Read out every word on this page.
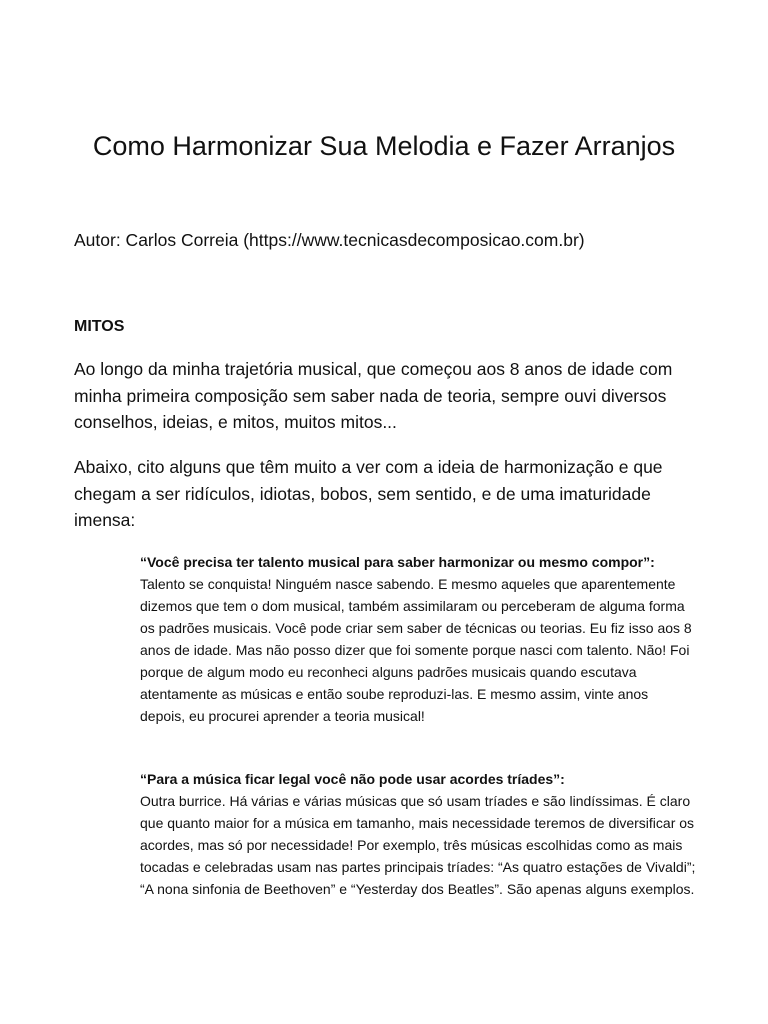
Como Harmonizar Sua Melodia e Fazer Arranjos

Autor: Carlos Correia (https://www.tecnicasdecomposicao.com.br)

MITOS

Ao longo da minha trajetória musical, que começou aos 8 anos de idade com minha primeira composição sem saber nada de teoria, sempre ouvi diversos conselhos, ideias, e mitos, muitos mitos...

Abaixo, cito alguns que têm muito a ver com a ideia de harmonização e que chegam a ser ridículos, idiotas, bobos, sem sentido, e de uma imaturidade imensa:

“Você precisa ter talento musical para saber harmonizar ou mesmo compor”:
Talento se conquista! Ninguém nasce sabendo. E mesmo aqueles que aparentemente dizemos que tem o dom musical, também assimilaram ou perceberam de alguma forma os padrões musicais. Você pode criar sem saber de técnicas ou teorias. Eu fiz isso aos 8 anos de idade. Mas não posso dizer que foi somente porque nasci com talento. Não! Foi porque de algum modo eu reconheci alguns padrões musicais quando escutava atentamente as músicas e então soube reproduzi-las. E mesmo assim, vinte anos depois, eu procurei aprender a teoria musical!
“Para a música ficar legal você não pode usar acordes tríades”:
Outra burrice. Há várias e várias músicas que só usam tríades e são lindíssimas. É claro que quanto maior for a música em tamanho, mais necessidade teremos de diversificar os acordes, mas só por necessidade! Por exemplo, três músicas escolhidas como as mais tocadas e celebradas usam nas partes principais tríades: “As quatro estações de Vivaldi”; “A nona sinfonia de Beethoven” e “Yesterday dos Beatles”. São apenas alguns exemplos.
